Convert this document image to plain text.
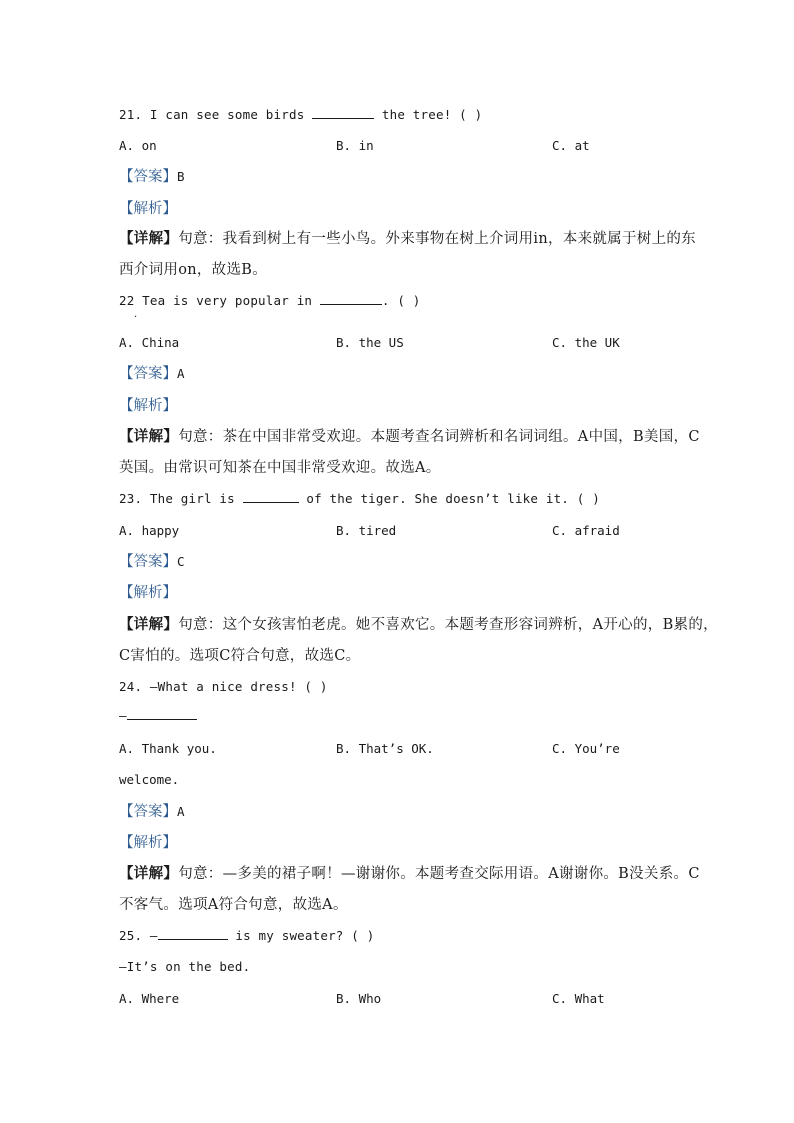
21. I can see some birds	the tree! ( )
A. on	B. in	C. at
【答案】B
【解析】
【详解】句意：我看到树上有一些小鸟。外来事物在树上介词用in，本来就属于树上的东
西介词用on，故选B。
22 Tea is very popular in	. ( )
·
A. China	B. the US	C. the UK
【答案】A
【解析】
【详解】句意：茶在中国非常受欢迎。本题考查名词辨析和名词词组。A中国，B美国，C
英国。由常识可知茶在中国非常受欢迎。故选A。
23. The girl is	of the tiger. She doesn’t like it. ( )
A. happy	B. tired	C. afraid
【答案】C
【解析】
【详解】句意：这个女孩害怕老虎。她不喜欢它。本题考查形容词辨析，A开心的，B累的，
C害怕的。选项C符合句意，故选C。
24. —What a nice dress! ( )
—
A. Thank you.	B. That’s OK.	C. You’re
welcome.
【答案】A
【解析】
【详解】句意：—多美的裙子啊！—谢谢你。本题考查交际用语。A谢谢你。B没关系。C
不客气。选项A符合句意，故选A。
25. —	is my sweater? ( )
—It’s on the bed.
A. Where	B. Who	C. What
